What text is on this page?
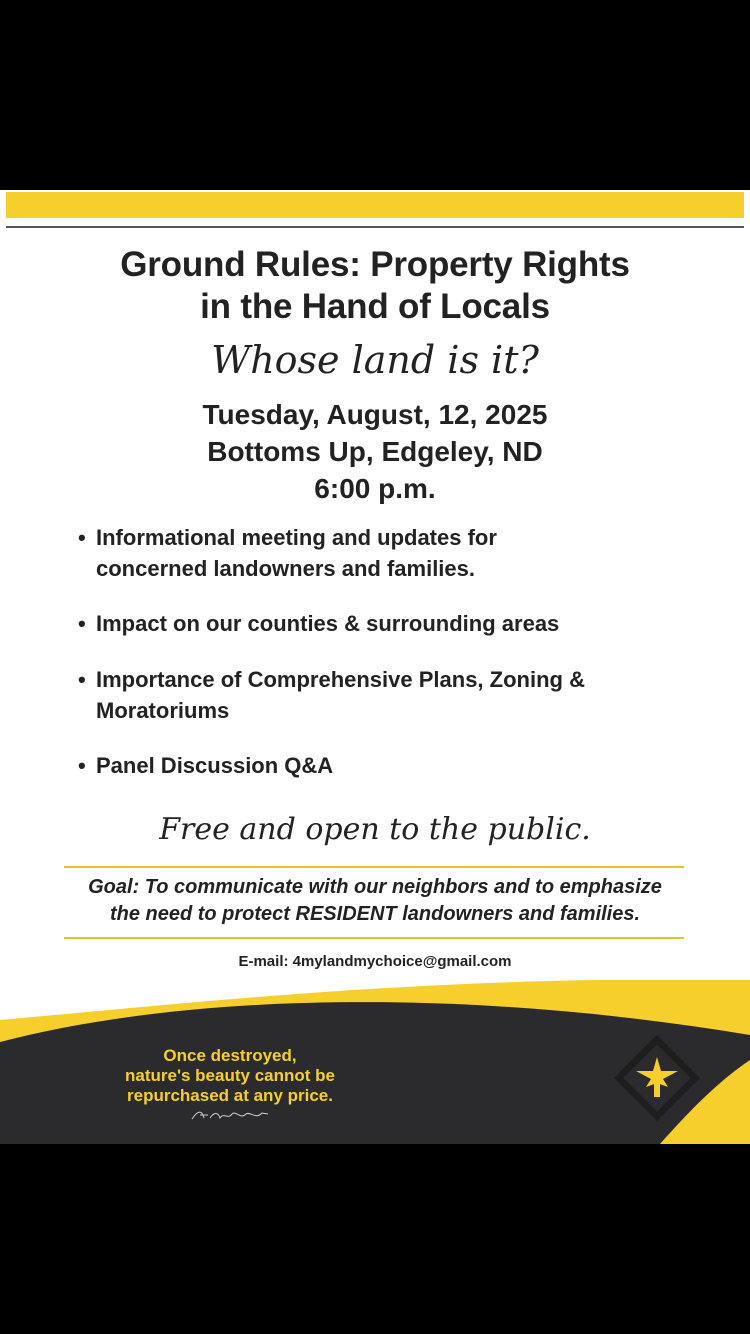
Ground Rules: Property Rights
in the Hand of Locals
Whose land is it?
Tuesday, August, 12, 2025
Bottoms Up, Edgeley, ND
6:00 p.m.
• Informational meeting and updates for
concerned landowners and families.
• Impact on our counties & surrounding areas
• Importance of Comprehensive Plans, Zoning &
Moratoriums
• Panel Discussion Q&A
Free and open to the public.
Goal: To communicate with our neighbors and to emphasize
the need to protect RESIDENT landowners and families.
E-mail: 4mylandmychoice@gmail.com
Once destroyed,
nature's beauty cannot be
repurchased at any price.
